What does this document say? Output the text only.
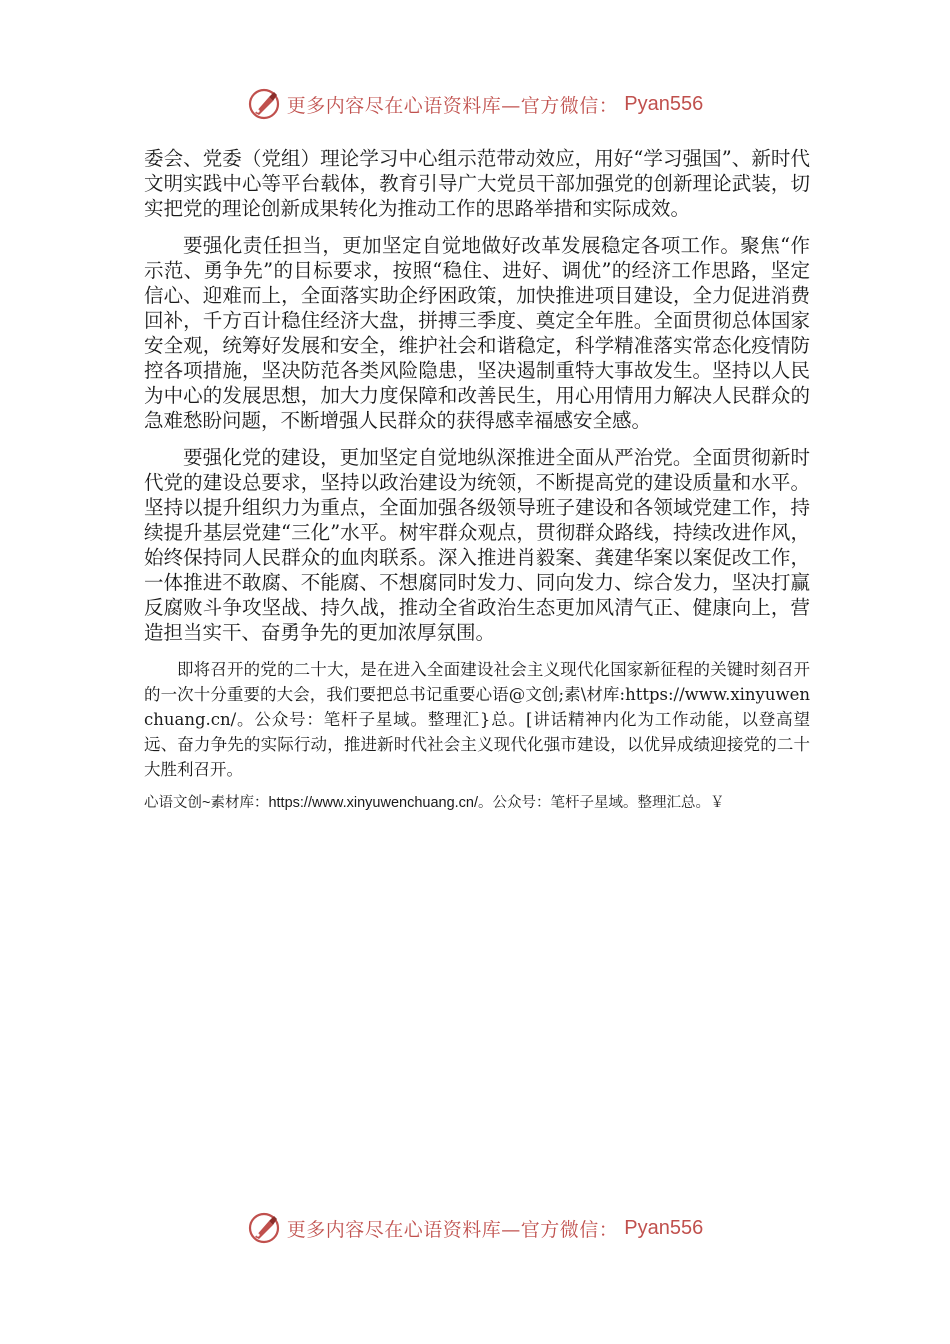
更多内容尽在心语资料库—官方微信： Pyan556

委会、党委（党组）理论学习中心组示范带动效应，用好“学习强国”、新时代文明实践中心等平台载体，教育引导广大党员干部加强党的创新理论武装，切实把党的理论创新成果转化为推动工作的思路举措和实际成效。

要强化责任担当，更加坚定自觉地做好改革发展稳定各项工作。聚焦“作示范、勇争先”的目标要求，按照“稳住、进好、调优”的经济工作思路，坚定信心、迎难而上，全面落实助企纾困政策，加快推进项目建设，全力促进消费回补，千方百计稳住经济大盘，拼搏三季度、奠定全年胜。全面贯彻总体国家安全观，统筹好发展和安全，维护社会和谐稳定，科学精准落实常态化疫情防控各项措施，坚决防范各类风险隐患，坚决遏制重特大事故发生。坚持以人民为中心的发展思想，加大力度保障和改善民生，用心用情用力解决人民群众的急难愁盼问题，不断增强人民群众的获得感幸福感安全感。

要强化党的建设，更加坚定自觉地纵深推进全面从严治党。全面贯彻新时代党的建设总要求，坚持以政治建设为统领，不断提高党的建设质量和水平。坚持以提升组织力为重点，全面加强各级领导班子建设和各领域党建工作，持续提升基层党建“三化”水平。树牢群众观点，贯彻群众路线，持续改进作风，始终保持同人民群众的血肉联系。深入推进肖毅案、龚建华案以案促改工作，一体推进不敢腐、不能腐、不想腐同时发力、同向发力、综合发力，坚决打赢反腐败斗争攻坚战、持久战，推动全省政治生态更加风清气正、健康向上，营造担当实干、奋勇争先的更加浓厚氛围。

即将召开的党的二十大，是在进入全面建设社会主义现代化国家新征程的关键时刻召开的一次十分重要的大会，我们要把总书记重要心语@文创;素\材库:https://www.xinyuwenchuang.cn/。公众号：笔杆子星域。整理汇}总。[讲话精神内化为工作动能，以登高望远、奋力争先的实际行动，推进新时代社会主义现代化强市建设，以优异成绩迎接党的二十大胜利召开。

心语文创~素材库：https://www.xinyuwenchuang.cn/。公众号：笔杆子星域。整理汇总。￥
更多内容尽在心语资料库—官方微信： Pyan556
